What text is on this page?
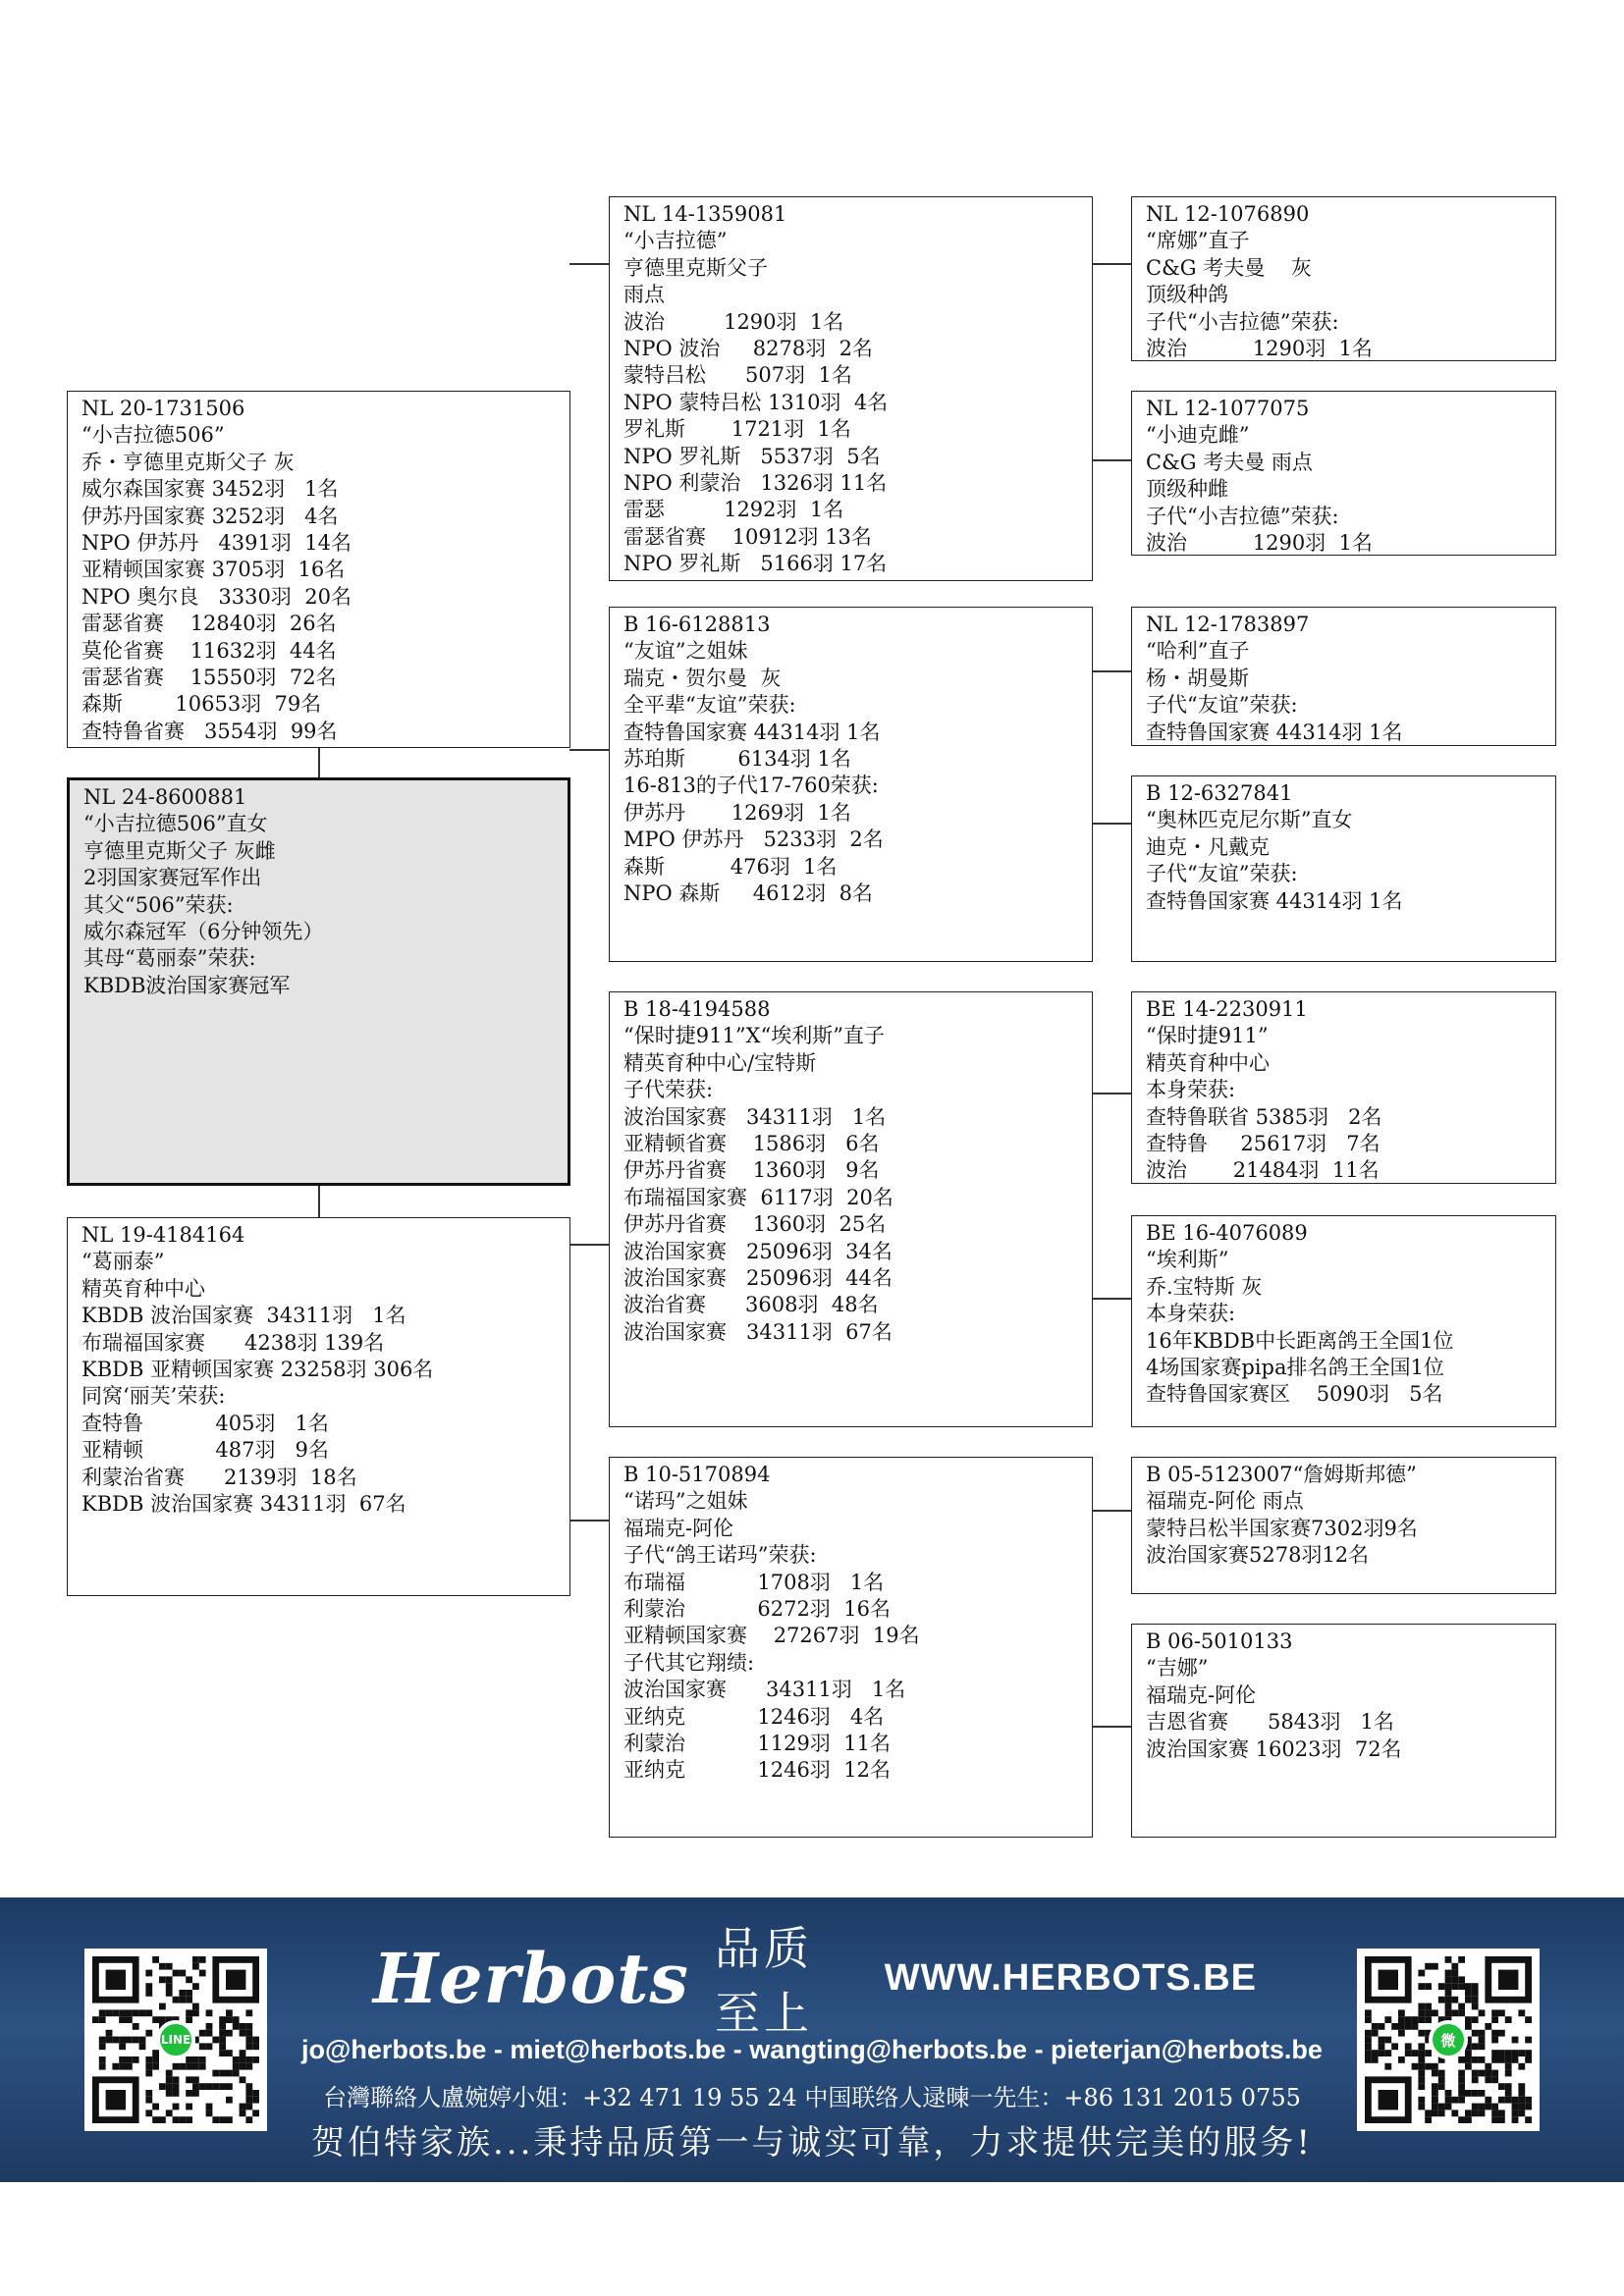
NL 20-1731506
“小吉拉德506”
乔・亨德里克斯父子 灰
威尔森国家赛 3452羽   1名
伊苏丹国家赛 3252羽   4名
NPO 伊苏丹   4391羽  14名
亚精顿国家赛 3705羽  16名
NPO 奥尔良   3330羽  20名
雷瑟省赛    12840羽  26名
莫伦省赛    11632羽  44名
雷瑟省赛    15550羽  72名
森斯        10653羽  79名
查特鲁省赛   3554羽  99名
NL 24-8600881
“小吉拉德506”直女
亨德里克斯父子 灰雌
2羽国家赛冠军作出
其父“506”荣获:
威尔森冠军（6分钟领先）
其母“葛丽泰”荣获:
KBDB波治国家赛冠军
NL 19-4184164
“葛丽泰”
精英育种中心
KBDB 波治国家赛  34311羽   1名
布瑞福国家赛      4238羽 139名
KBDB 亚精顿国家赛 23258羽 306名
同窝‘丽芙’荣获:
查特鲁           405羽   1名
亚精顿           487羽   9名
利蒙治省赛      2139羽  18名
KBDB 波治国家赛 34311羽  67名
NL 14-1359081
“小吉拉德”
亨德里克斯父子
雨点
波治         1290羽  1名
NPO 波治     8278羽  2名
蒙特吕松      507羽  1名
NPO 蒙特吕松 1310羽  4名
罗礼斯       1721羽  1名
NPO 罗礼斯   5537羽  5名
NPO 利蒙治   1326羽 11名
雷瑟         1292羽  1名
雷瑟省赛    10912羽 13名
NPO 罗礼斯   5166羽 17名
B 16-6128813
“友谊”之姐妹
瑞克・贺尔曼  灰
全平辈“友谊”荣获:
查特鲁国家赛 44314羽 1名
苏珀斯        6134羽 1名
16-813的子代17-760荣获:
伊苏丹       1269羽  1名
MPO 伊苏丹   5233羽  2名
森斯          476羽  1名
NPO 森斯     4612羽  8名
B 18-4194588
“保时捷911”X“埃利斯”直子
精英育种中心/宝特斯
子代荣获:
波治国家赛   34311羽   1名
亚精顿省赛    1586羽   6名
伊苏丹省赛    1360羽   9名
布瑞福国家赛  6117羽  20名
伊苏丹省赛    1360羽  25名
波治国家赛   25096羽  34名
波治国家赛   25096羽  44名
波治省赛      3608羽  48名
波治国家赛   34311羽  67名
B 10-5170894
“诺玛”之姐妹
福瑞克-阿伦
子代“鸽王诺玛”荣获:
布瑞福           1708羽   1名
利蒙治           6272羽  16名
亚精顿国家赛    27267羽  19名
子代其它翔绩:
波治国家赛      34311羽   1名
亚纳克           1246羽   4名
利蒙治           1129羽  11名
亚纳克           1246羽  12名
NL 12-1076890
“席娜”直子
C&G 考夫曼    灰
顶级种鸽
子代“小吉拉德”荣获:
波治          1290羽  1名
NL 12-1077075
“小迪克雌”
C&G 考夫曼 雨点
顶级种雌
子代“小吉拉德”荣获:
波治          1290羽  1名
NL 12-1783897
“哈利”直子
杨・胡曼斯
子代“友谊”荣获:
查特鲁国家赛 44314羽 1名
B 12-6327841
“奥林匹克尼尔斯”直女
迪克・凡戴克
子代“友谊”荣获:
查特鲁国家赛 44314羽 1名
BE 14-2230911
“保时捷911”
精英育种中心
本身荣获:
查特鲁联省 5385羽   2名
查特鲁     25617羽   7名
波治       21484羽  11名
BE 16-4076089
“埃利斯”
乔.宝特斯 灰
本身荣获:
16年KBDB中长距离鸽王全国1位
4场国家赛pipa排名鸽王全国1位
查特鲁国家赛区    5090羽   5名
B 05-5123007“詹姆斯邦德”
福瑞克-阿伦 雨点
蒙特吕松半国家赛7302羽9名
波治国家赛5278羽12名
B 06-5010133
“吉娜”
福瑞克-阿伦
吉恩省赛      5843羽   1名
波治国家赛 16023羽  72名
LINE
Herbots 品质至上
WWW.HERBOTS.BE
jo@herbots.be - miet@herbots.be - wangting@herbots.be - pieterjan@herbots.be
台灣聯絡人盧婉婷小姐：+32 471 19 55 24 中国联络人逯暕一先生：+86 131 2015 0755
贺伯特家族...秉持品质第一与诚实可靠，力求提供完美的服务!
微
